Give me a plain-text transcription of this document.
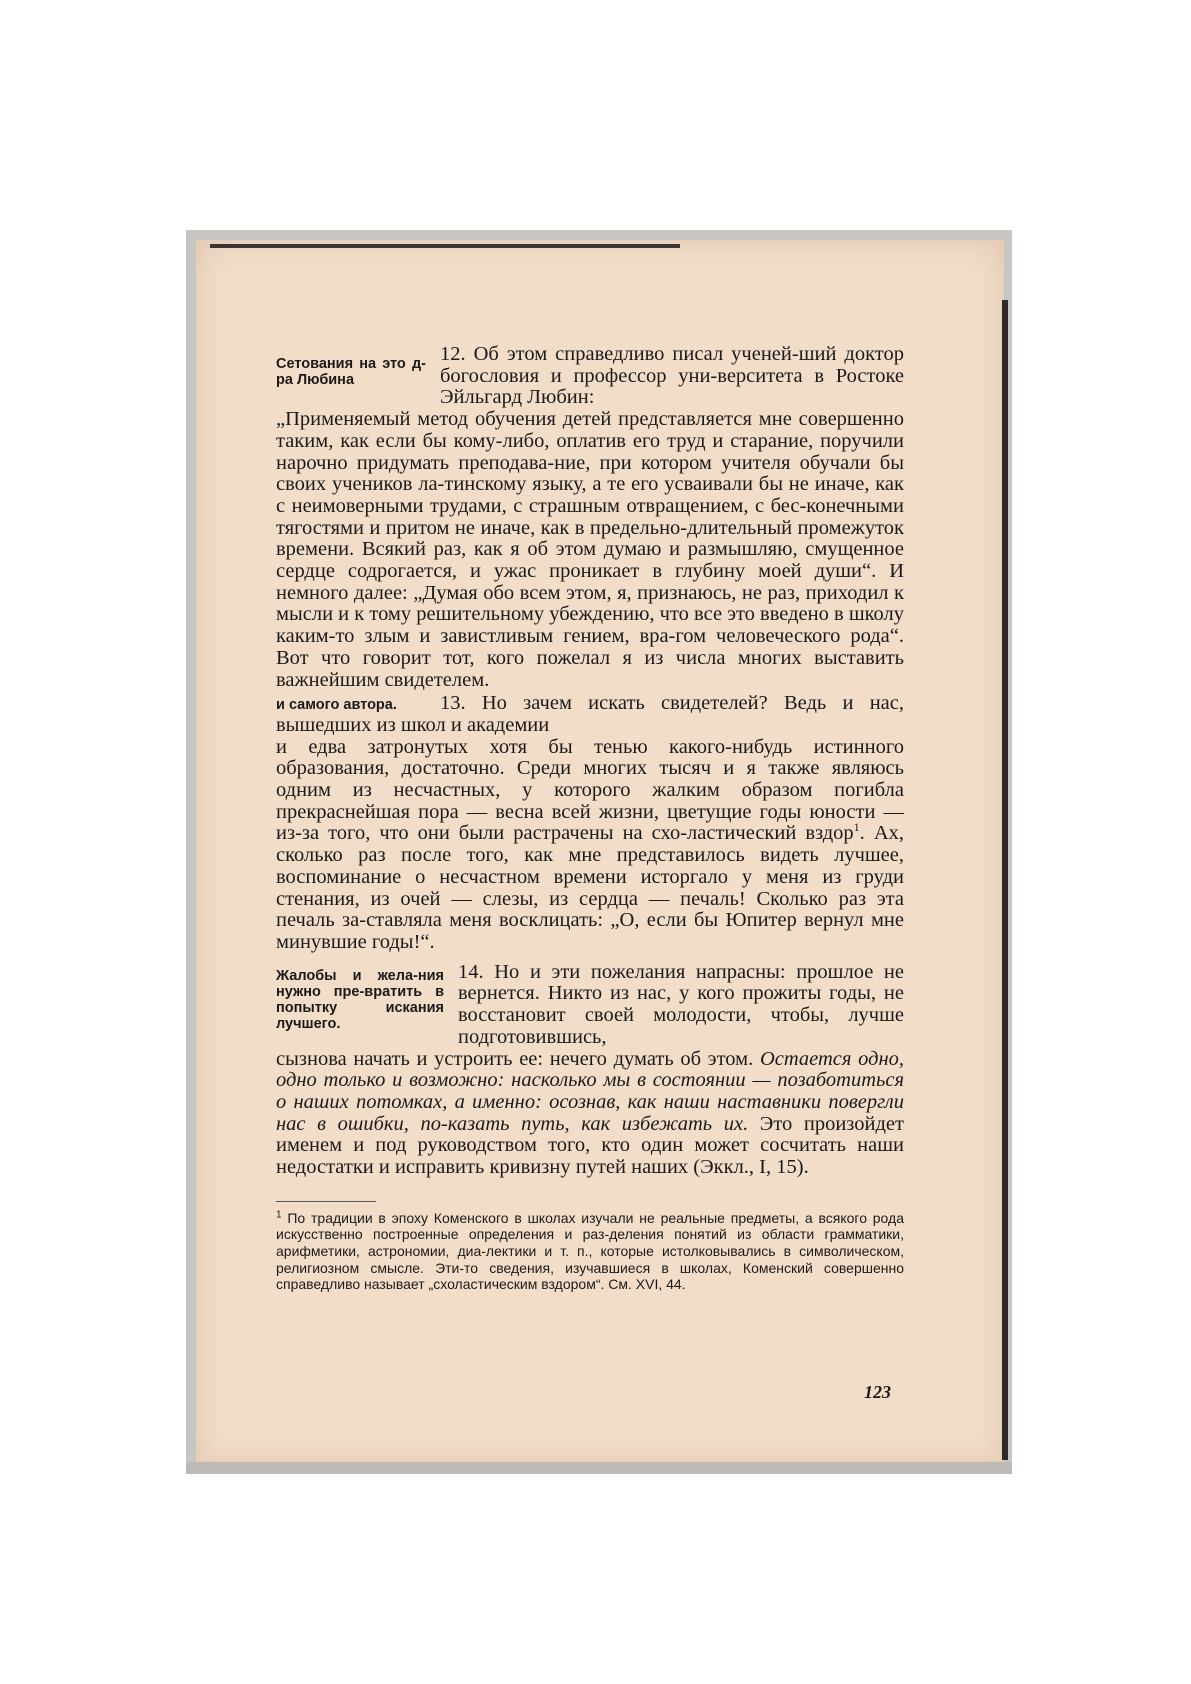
Сетования на это д-ра Любина
12. Об этом справедливо писал ученей-ший доктор богословия и профессор уни-верситета в Ростоке Эйльгард Любин:

„Применяемый метод обучения детей представляется мне совершенно таким, как если бы кому-либо, оплатив его труд и старание, поручили нарочно придумать преподава-ние, при котором учителя обучали бы своих учеников ла-тинскому языку, а те его усваивали бы не иначе, как с неимоверными трудами, с страшным отвращением, с бес-конечными тягостями и притом не иначе, как в предельно-длительный промежуток времени. Всякий раз, как я об этом думаю и размышляю, смущенное сердце содрогается, и ужас проникает в глубину моей души“. И немного далее: „Думая обо всем этом, я, признаюсь, не раз, приходил к мысли и к тому решительному убеждению, что все это введено в школу каким-то злым и завистливым гением, вра-гом человеческого рода“. Вот что говорит тот, кого пожелал я из числа многих выставить важнейшим свидетелем.

и самого автора.	13. Но зачем искать свидетелей? Ведь и нас, вышедших из школ и академии

и едва затронутых хотя бы тенью какого-нибудь истинного образования, достаточно. Среди многих тысяч и я также являюсь одним из несчастных, у которого жалким образом погибла прекраснейшая пора — весна всей жизни, цветущие годы юности — из-за того, что они были растрачены на схо-ластический вздор$^1$. Ах, сколько раз после того, как мне представилось видеть лучшее, воспоминание о несчастном времени исторгало у меня из груди стенания, из очей — слезы, из сердца — печаль! Сколько раз эта печаль за-ставляла меня восклицать: „О, если бы Юпитер вернул мне минувшие годы!“.

Жалобы и жела-ния нужно пре-вратить в попытку искания лучшего.
14. Но и эти пожелания напрасны: прошлое не вернется. Никто из нас, у кого прожиты годы, не восстановит своей молодости, чтобы, лучше подготовившись,

сызнова начать и устроить ее: нечего думать об этом. Остается одно, одно только и возможно: насколько мы в состоянии — позаботиться о наших потомках, а именно: осознав, как наши наставники повергли нас в ошибки, по-казать путь, как избежать их. Это произойдет именем и под руководством того, кто один может сосчитать наши недостатки и исправить кривизну путей наших (Эккл., I, 15).

$^1$ По традиции в эпоху Коменского в школах изучали не реальные предметы, а всякого рода искусственно построенные определения и раз-деления понятий из области грамматики, арифметики, астрономии, диа-лектики и т. п., которые истолковывались в символическом, религиозном смысле. Эти-то сведения, изучавшиеся в школах, Коменский совершенно справедливо называет „схоластическим вздором“. См. XVI, 44.

123
